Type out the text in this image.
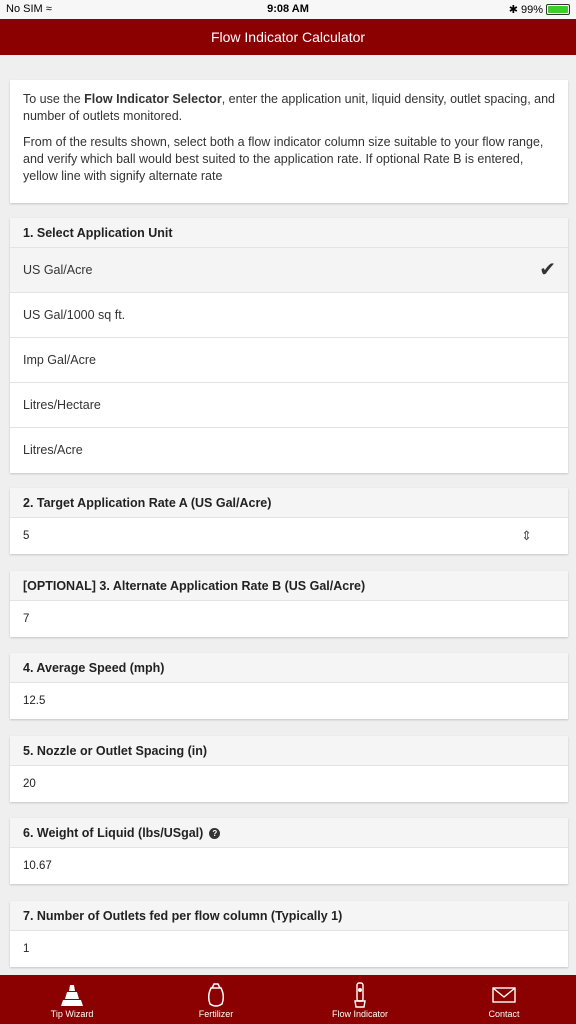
No SIM ≈	9:08 AM	✱ 99%
Flow Indicator Calculator

To use the Flow Indicator Selector, enter the application unit, liquid density, outlet spacing, and number of outlets monitored.

From of the results shown, select both a flow indicator column size suitable to your flow range, and verify which ball would best suited to the application rate. If optional Rate B is entered, yellow line with signify alternate rate

1. Select Application Unit
US Gal/Acre	✔
US Gal/1000 sq ft.
Imp Gal/Acre
Litres/Hectare
Litres/Acre
2. Target Application Rate A (US Gal/Acre)
5	⇕
[OPTIONAL] 3. Alternate Application Rate B (US Gal/Acre)
7
4. Average Speed (mph)
12.5
5. Nozzle or Outlet Spacing (in)
20
6. Weight of Liquid (lbs/USgal) ?
10.67
7. Number of Outlets fed per flow column (Typically 1)
1
Tip Wizard	Fertilizer	Flow Indicator	Contact
